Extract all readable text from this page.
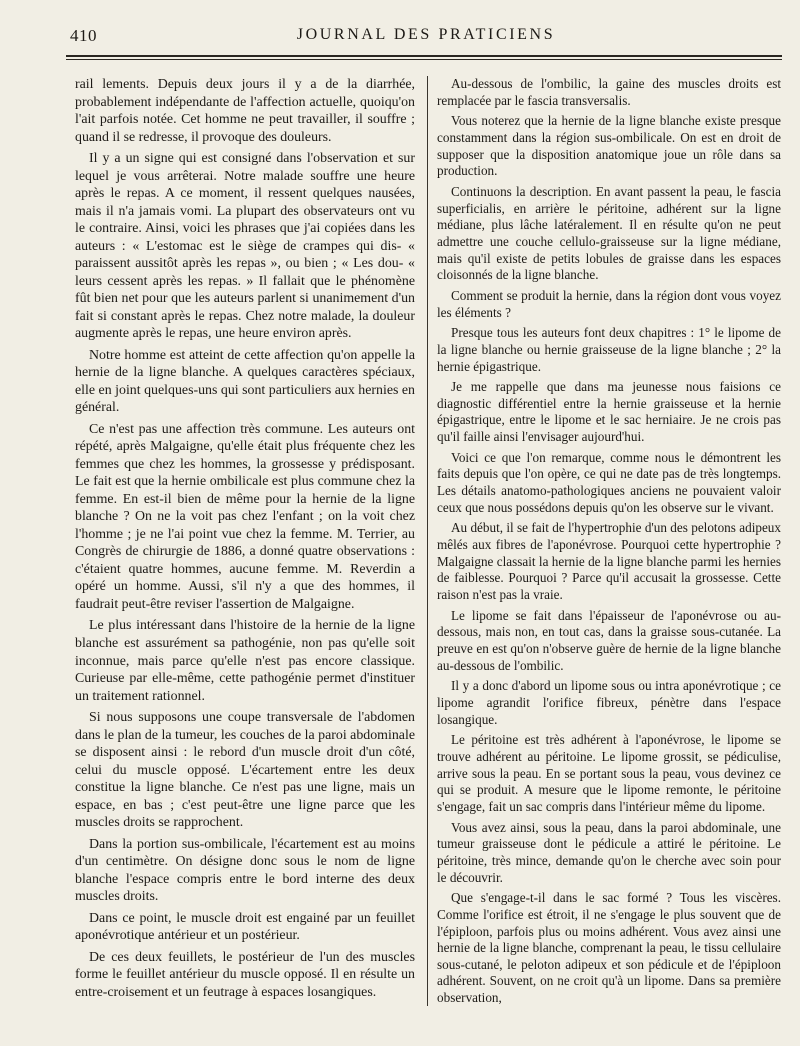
410	JOURNAL DES PRATICIENS

rail lements. Depuis deux jours il y a de la diarrhée, probablement indépendante de l'affection actuelle, quoiqu'on l'ait parfois notée. Cet homme ne peut travailler, il souffre ; quand il se redresse, il provoque des douleurs.

Il y a un signe qui est consigné dans l'observation et sur lequel je vous arrêterai. Notre malade souffre une heure après le repas. A ce moment, il ressent quelques nausées, mais il n'a jamais vomi. La plupart des observateurs ont vu le contraire. Ainsi, voici les phrases que j'ai copiées dans les auteurs : « L'estomac est le siège de crampes qui dis- « paraissent aussitôt après les repas », ou bien ; « Les dou- « leurs cessent après les repas. » Il fallait que le phénomène fût bien net pour que les auteurs parlent si unanimement d'un fait si constant après le repas. Chez notre malade, la douleur augmente après le repas, une heure environ après.

Notre homme est atteint de cette affection qu'on appelle la hernie de la ligne blanche. A quelques caractères spéciaux, elle en joint quelques-uns qui sont particuliers aux hernies en général.

Ce n'est pas une affection très commune. Les auteurs ont répété, après Malgaigne, qu'elle était plus fréquente chez les femmes que chez les hommes, la grossesse y prédisposant. Le fait est que la hernie ombilicale est plus commune chez la femme. En est-il bien de même pour la hernie de la ligne blanche ? On ne la voit pas chez l'enfant ; on la voit chez l'homme ; je ne l'ai point vue chez la femme. M. Terrier, au Congrès de chirurgie de 1886, a donné quatre observations : c'étaient quatre hommes, aucune femme. M. Reverdin a opéré un homme. Aussi, s'il n'y a que des hommes, il faudrait peut-être reviser l'assertion de Malgaigne.

Le plus intéressant dans l'histoire de la hernie de la ligne blanche est assurément sa pathogénie, non pas qu'elle soit inconnue, mais parce qu'elle n'est pas encore classique. Curieuse par elle-même, cette pathogénie permet d'instituer un traitement rationnel.

Si nous supposons une coupe transversale de l'abdomen dans le plan de la tumeur, les couches de la paroi abdominale se disposent ainsi : le rebord d'un muscle droit d'un côté, celui du muscle opposé. L'écartement entre les deux constitue la ligne blanche. Ce n'est pas une ligne, mais un espace, en bas ; c'est peut-être une ligne parce que les muscles droits se rapprochent.

Dans la portion sus-ombilicale, l'écartement est au moins d'un centimètre. On désigne donc sous le nom de ligne blanche l'espace compris entre le bord interne des deux muscles droits.

Dans ce point, le muscle droit est engainé par un feuillet aponévrotique antérieur et un postérieur.

De ces deux feuillets, le postérieur de l'un des muscles forme le feuillet antérieur du muscle opposé. Il en résulte un entre-croisement et un feutrage à espaces losangiques.

Au-dessous de l'ombilic, la gaine des muscles droits est remplacée par le fascia transversalis.

Vous noterez que la hernie de la ligne blanche existe presque constamment dans la région sus-ombilicale. On est en droit de supposer que la disposition anatomique joue un rôle dans sa production.

Continuons la description. En avant passent la peau, le fascia superficialis, en arrière le péritoine, adhérent sur la ligne médiane, plus lâche latéralement. Il en résulte qu'on ne peut admettre une couche cellulo-graisseuse sur la ligne médiane, mais qu'il existe de petits lobules de graisse dans les espaces cloisonnés de la ligne blanche.

Comment se produit la hernie, dans la région dont vous voyez les éléments ?

Presque tous les auteurs font deux chapitres : 1° le lipome de la ligne blanche ou hernie graisseuse de la ligne blanche ; 2° la hernie épigastrique.

Je me rappelle que dans ma jeunesse nous faisions ce diagnostic différentiel entre la hernie graisseuse et la hernie épigastrique, entre le lipome et le sac herniaire. Je ne crois pas qu'il faille ainsi l'envisager aujourd'hui.

Voici ce que l'on remarque, comme nous le démontrent les faits depuis que l'on opère, ce qui ne date pas de très longtemps. Les détails anatomo-pathologiques anciens ne pouvaient valoir ceux que nous possédons depuis qu'on les observe sur le vivant.

Au début, il se fait de l'hypertrophie d'un des pelotons adipeux mêlés aux fibres de l'aponévrose. Pourquoi cette hypertrophie ? Malgaigne classait la hernie de la ligne blanche parmi les hernies de faiblesse. Pourquoi ? Parce qu'il accusait la grossesse. Cette raison n'est pas la vraie.

Le lipome se fait dans l'épaisseur de l'aponévrose ou au-dessous, mais non, en tout cas, dans la graisse sous-cutanée. La preuve en est qu'on n'observe guère de hernie de la ligne blanche au-dessous de l'ombilic.

Il y a donc d'abord un lipome sous ou intra aponévrotique ; ce lipome agrandit l'orifice fibreux, pénètre dans l'espace losangique.

Le péritoine est très adhérent à l'aponévrose, le lipome se trouve adhérent au péritoine. Le lipome grossit, se pédiculise, arrive sous la peau. En se portant sous la peau, vous devinez ce qui se produit. A mesure que le lipome remonte, le péritoine s'engage, fait un sac compris dans l'intérieur même du lipome.

Vous avez ainsi, sous la peau, dans la paroi abdominale, une tumeur graisseuse dont le pédicule a attiré le péritoine. Le péritoine, très mince, demande qu'on le cherche avec soin pour le découvrir.

Que s'engage-t-il dans le sac formé ? Tous les viscères. Comme l'orifice est étroit, il ne s'engage le plus souvent que de l'épiploon, parfois plus ou moins adhérent. Vous avez ainsi une hernie de la ligne blanche, comprenant la peau, le tissu cellulaire sous-cutané, le peloton adipeux et son pédicule et de l'épiploon adhérent. Souvent, on ne croit qu'à un lipome. Dans sa première observation,
